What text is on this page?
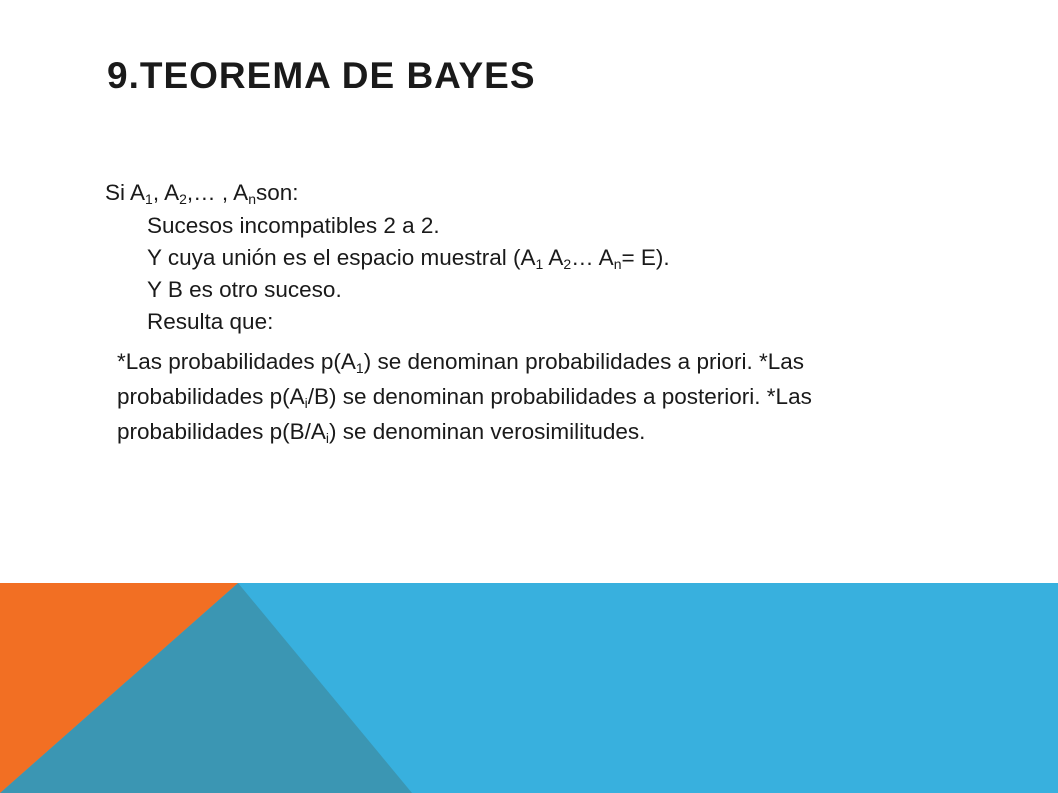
9.TEOREMA DE BAYES
Si $A_1$, $A_2,\dots$ , $A_nson$:
Sucesos incompatibles 2 a 2.
Y cuya unión es el espacio muestral ($A_1$ $A_2\dots$ $A_n= E$).
Y B es otro suceso.
Resulta que:
*Las probabilidades $p(A_1)$ se denominan probabilidades a priori. *Las probabilidades $p(A_i/B)$ se denominan probabilidades a posteriori. *Las probabilidades $p(B/A_i)$ se denominan verosimilitudes.
